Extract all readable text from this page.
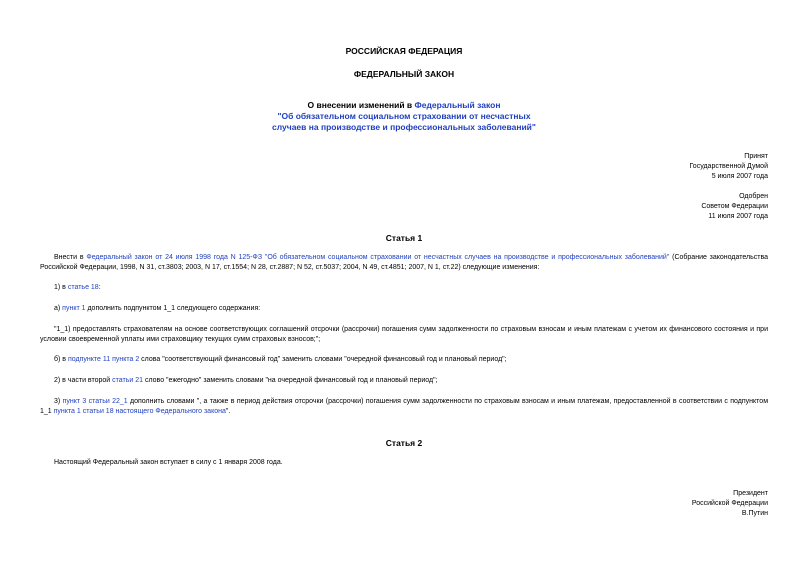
РОССИЙСКАЯ ФЕДЕРАЦИЯ
ФЕДЕРАЛЬНЫЙ ЗАКОН
О внесении изменений в Федеральный закон
"Об обязательном социальном страховании от несчастных
случаев на производстве и профессиональных заболеваний"
Принят
Государственной Думой
5 июля 2007 года
Одобрен
Советом Федерации
11 июля 2007 года
Статья 1
Внести в Федеральный закон от 24 июля 1998 года N 125-ФЗ "Об обязательном социальном страховании от несчастных случаев на производстве и профессиональных заболеваний" (Собрание законодательства Российской Федерации, 1998, N 31, ст.3803; 2003, N 17, ст.1554; N 28, ст.2887; N 52, ст.5037; 2004, N 49, ст.4851; 2007, N 1, ст.22) следующие изменения:
1) в статье 18:
а) пункт 1 дополнить подпунктом 1_1 следующего содержания:
"1_1) предоставлять страхователям на основе соответствующих соглашений отсрочки (рассрочки) погашения сумм задолженности по страховым взносам и иным платежам с учетом их финансового состояния и при условии своевременной уплаты ими страховщику текущих сумм страховых взносов;";
б) в подпункте 11 пункта 2 слова "соответствующий финансовый год" заменить словами "очередной финансовый год и плановый период";
2) в части второй статьи 21 слово "ежегодно" заменить словами "на очередной финансовый год и плановый период";
3) пункт 3 статьи 22_1 дополнить словами ", а также в период действия отсрочки (рассрочки) погашения сумм задолженности по страховым взносам и иным платежам, предоставленной в соответствии с подпунктом 1_1 пункта 1 статьи 18 настоящего Федерального закона".
Статья 2
Настоящий Федеральный закон вступает в силу с 1 января 2008 года.
Президент
Российской Федерации
В.Путин
